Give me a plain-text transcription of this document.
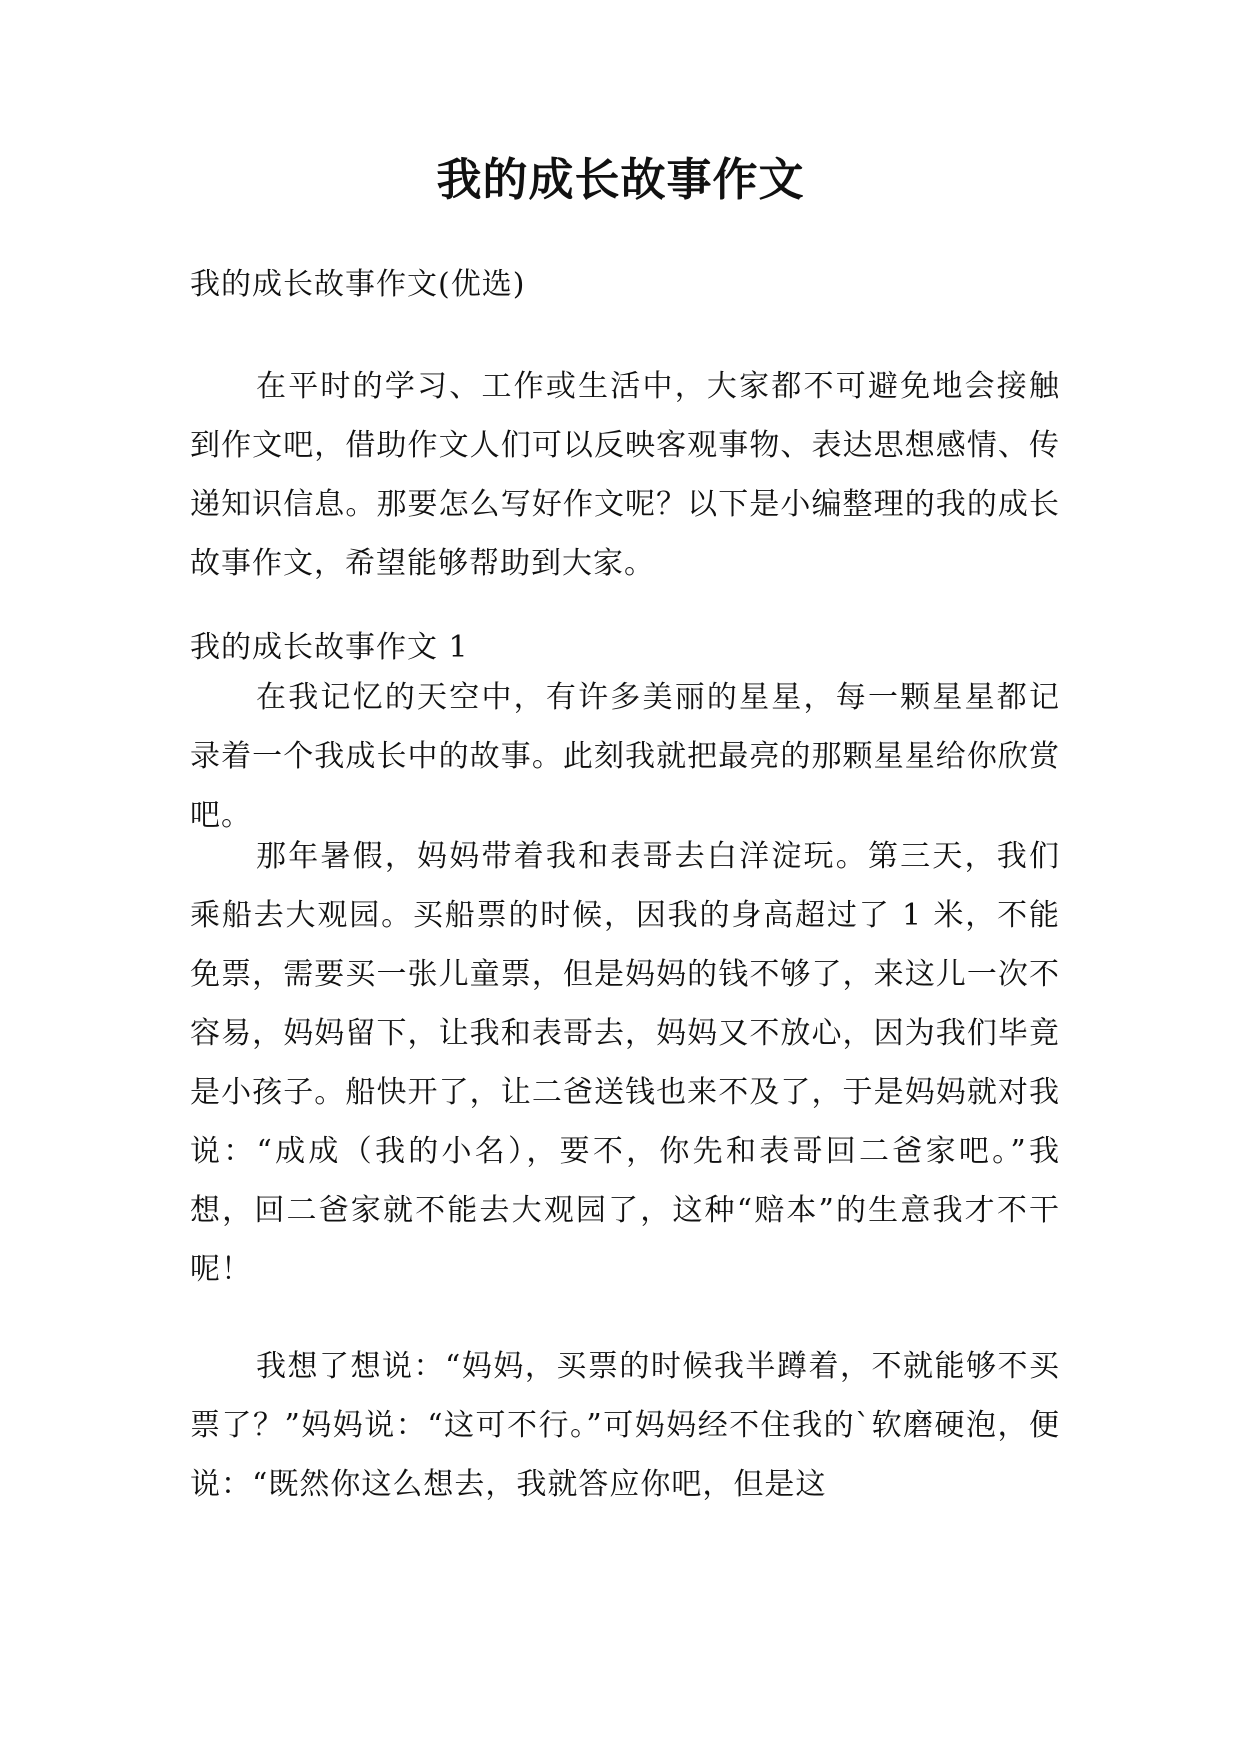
我的成长故事作文
我的成长故事作文(优选)
在平时的学习、工作或生活中，大家都不可避免地会接触到作文吧，借助作文人们可以反映客观事物、表达思想感情、传递知识信息。那要怎么写好作文呢？以下是小编整理的我的成长故事作文，希望能够帮助到大家。
我的成长故事作文 1
在我记忆的天空中，有许多美丽的星星，每一颗星星都记录着一个我成长中的故事。此刻我就把最亮的那颗星星给你欣赏吧。
那年暑假，妈妈带着我和表哥去白洋淀玩。第三天，我们乘船去大观园。买船票的时候，因我的身高超过了 1 米，不能免票，需要买一张儿童票，但是妈妈的钱不够了，来这儿一次不容易，妈妈留下，让我和表哥去，妈妈又不放心，因为我们毕竟是小孩子。船快开了，让二爸送钱也来不及了，于是妈妈就对我说：“成成（我的小名），要不，你先和表哥回二爸家吧。”我想，回二爸家就不能去大观园了，这种“赔本”的生意我才不干呢！
我想了想说：“妈妈，买票的时候我半蹲着，不就能够不买票了？”妈妈说：“这可不行。”可妈妈经不住我的`软磨硬泡，便说：“既然你这么想去，我就答应你吧，但是这
